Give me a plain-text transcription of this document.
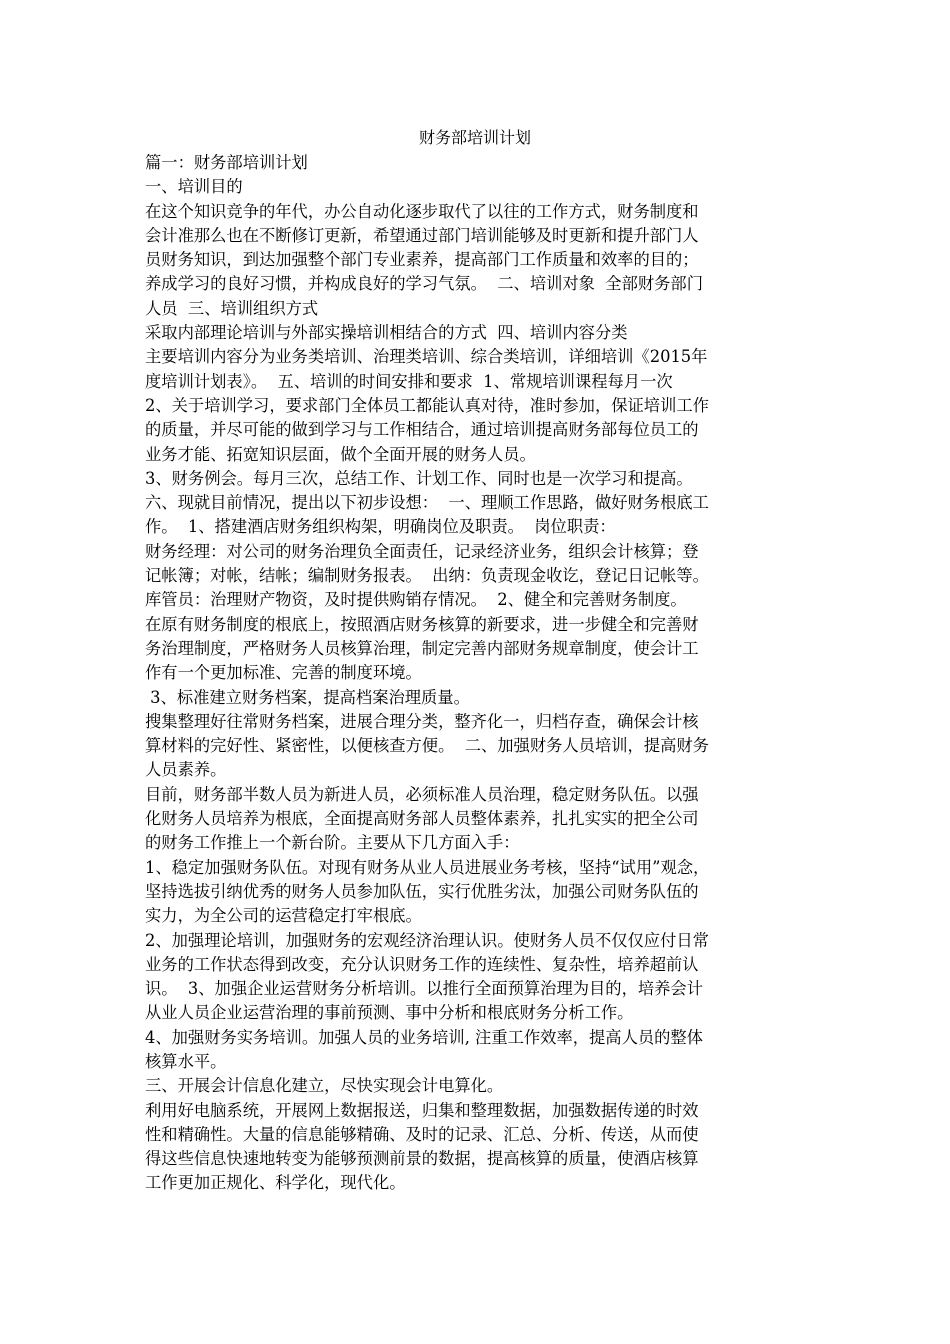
财务部培训计划
篇一：财务部培训计划
一、培训目的
在这个知识竞争的年代，办公自动化逐步取代了以往的工作方式，财务制度和
会计准那么也在不断修订更新，希望通过部门培训能够及时更新和提升部门人
员财务知识，到达加强整个部门专业素养，提高部门工作质量和效率的目的；
养成学习的良好习惯，并构成良好的学习气氛。  二、培训对象  全部财务部门
人员  三、培训组织方式
采取内部理论培训与外部实操培训相结合的方式  四、培训内容分类
主要培训内容分为业务类培训、治理类培训、综合类培训，详细培训《2015年
度培训计划表》。  五、培训的时间安排和要求  1、常规培训课程每月一次
2、关于培训学习，要求部门全体员工都能认真对待，准时参加，保证培训工作
的质量，并尽可能的做到学习与工作相结合，通过培训提高财务部每位员工的
业务才能、拓宽知识层面，做个全面开展的财务人员。
3、财务例会。每月三次，总结工作、计划工作、同时也是一次学习和提高。
六、现就目前情况，提出以下初步设想：  一、理顺工作思路，做好财务根底工
作。  1、搭建酒店财务组织构架，明确岗位及职责。  岗位职责：
财务经理：对公司的财务治理负全面责任，记录经济业务，组织会计核算；登
记帐簿；对帐，结帐；编制财务报表。  出纳：负责现金收讫，登记日记帐等。
库管员：治理财产物资，及时提供购销存情况。  2、健全和完善财务制度。
在原有财务制度的根底上，按照酒店财务核算的新要求，进一步健全和完善财
务治理制度，严格财务人员核算治理，制定完善内部财务规章制度，使会计工
作有一个更加标准、完善的制度环境。
3、标准建立财务档案，提高档案治理质量。
搜集整理好往常财务档案，进展合理分类，整齐化一，归档存查，确保会计核
算材料的完好性、紧密性，以便核查方便。  二、加强财务人员培训，提高财务
人员素养。
目前，财务部半数人员为新进人员，必须标准人员治理，稳定财务队伍。以强
化财务人员培养为根底，全面提高财务部人员整体素养，扎扎实实的把全公司
的财务工作推上一个新台阶。主要从下几方面入手：
1、稳定加强财务队伍。对现有财务从业人员进展业务考核，坚持“试用”观念，
坚持选拔引纳优秀的财务人员参加队伍，实行优胜劣汰，加强公司财务队伍的
实力，为全公司的运营稳定打牢根底。
2、加强理论培训，加强财务的宏观经济治理认识。使财务人员不仅仅应付日常
业务的工作状态得到改变，充分认识财务工作的连续性、复杂性，培养超前认
识。  3、加强企业运营财务分析培训。以推行全面预算治理为目的，培养会计
从业人员企业运营治理的事前预测、事中分析和根底财务分析工作。
4、加强财务实务培训。加强人员的业务培训, 注重工作效率，提高人员的整体
核算水平。
三、开展会计信息化建立，尽快实现会计电算化。
利用好电脑系统，开展网上数据报送，归集和整理数据，加强数据传递的时效
性和精确性。大量的信息能够精确、及时的记录、汇总、分析、传送，从而使
得这些信息快速地转变为能够预测前景的数据，提高核算的质量，使酒店核算
工作更加正规化、科学化，现代化。
